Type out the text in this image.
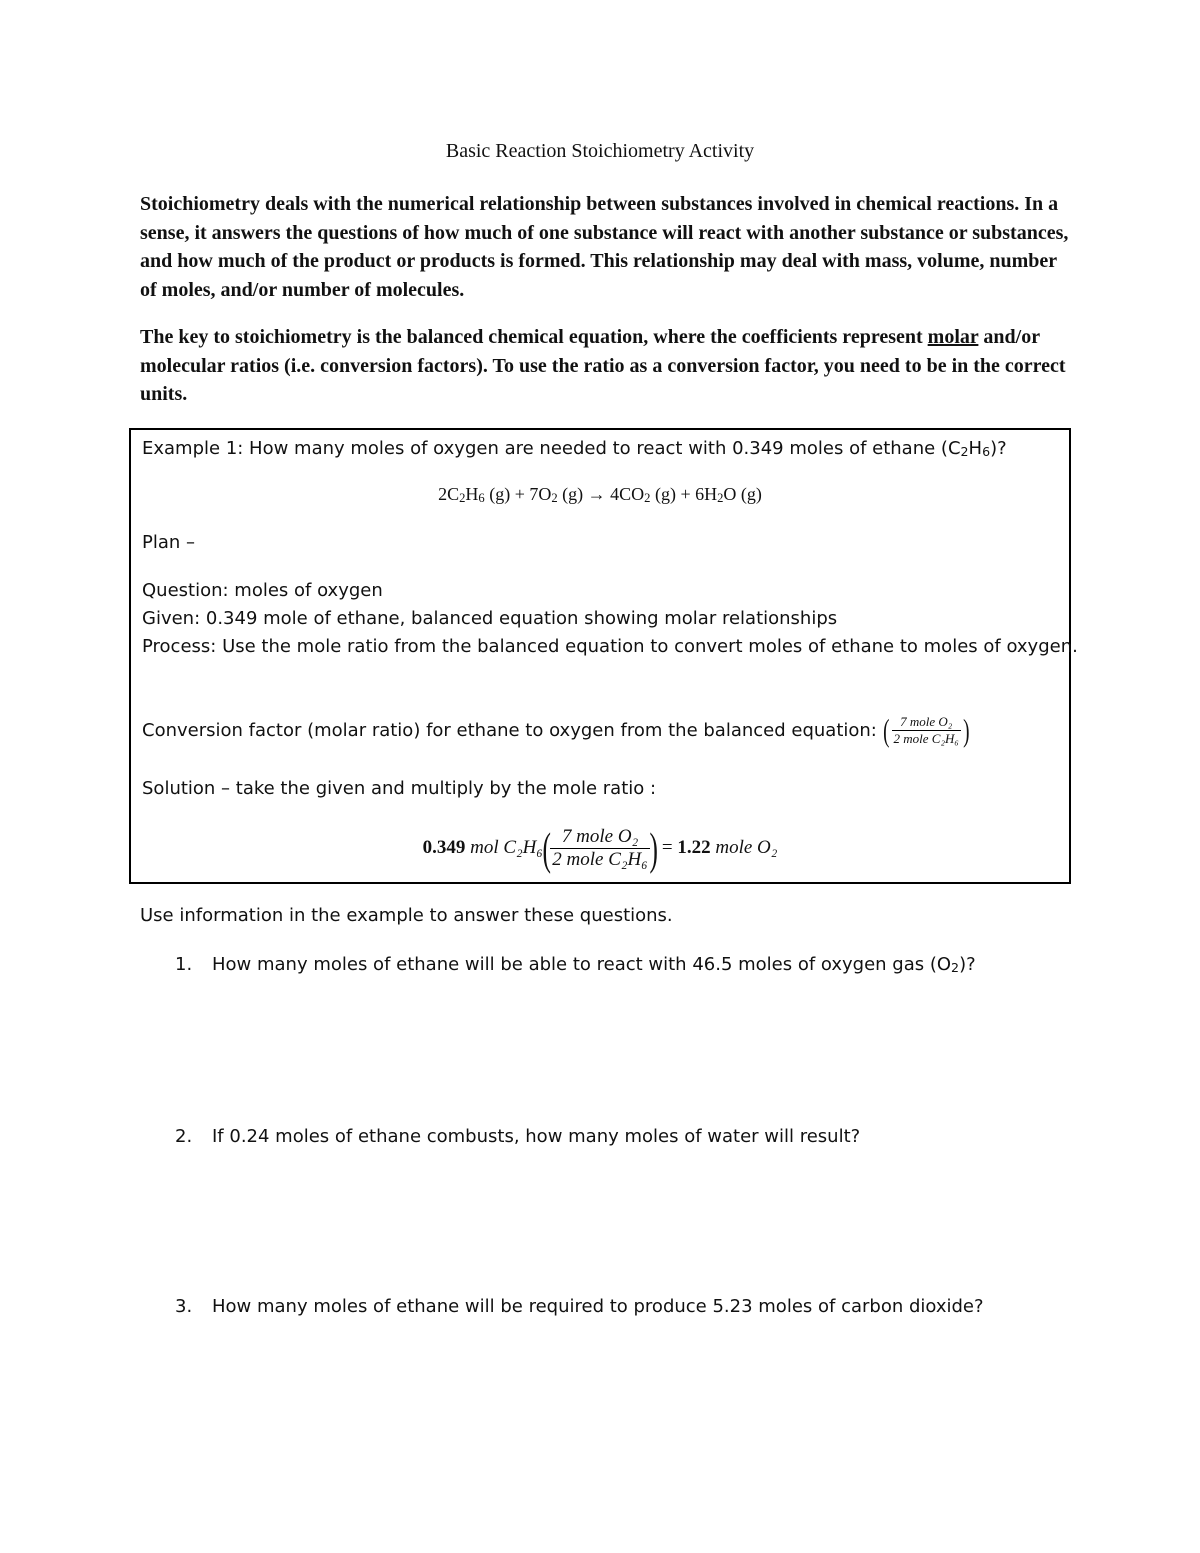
Basic Reaction Stoichiometry Activity

Stoichiometry deals with the numerical relationship between substances involved in chemical reactions. In a sense, it answers the questions of how much of one substance will react with another substance or substances, and how much of the product or products is formed. This relationship may deal with mass, volume, number of moles, and/or number of molecules.

The key to stoichiometry is the balanced chemical equation, where the coefficients represent molar and/or molecular ratios (i.e. conversion factors). To use the ratio as a conversion factor, you need to be in the correct units.

Example 1: How many moles of oxygen are needed to react with 0.349 moles of ethane $(C_2H_6)$?
$2C_2H_6$ $(g) + 7O_2$ $(g) \to 4CO_2$ $(g) + 6H_2O$ (g)
Plan –
Question: moles of oxygen
Given: 0.349 mole of ethane, balanced equation showing molar relationships
Process: Use the mole ratio from the balanced equation to convert moles of ethane to moles of oxygen.
Conversion factor (molar ratio) for ethane to oxygen from the balanced equation: ( $\frac{\text{7 mole O₂}}{\text{2 mole C₂H₆}}$ )
Solution – take the given and multiply by the mole ratio :
0.349 mol C₂H₆ ( $\frac{\text{7 mole O₂}}{\text{2 mole C₂H₆}}$ ) = 1.22 mole O₂
Use information in the example to answer these questions.
1. How many moles of ethane will be able to react with 46.5 moles of oxygen gas $(O_2)$?
2. If 0.24 moles of ethane combusts, how many moles of water will result?
3. How many moles of ethane will be required to produce 5.23 moles of carbon dioxide?
